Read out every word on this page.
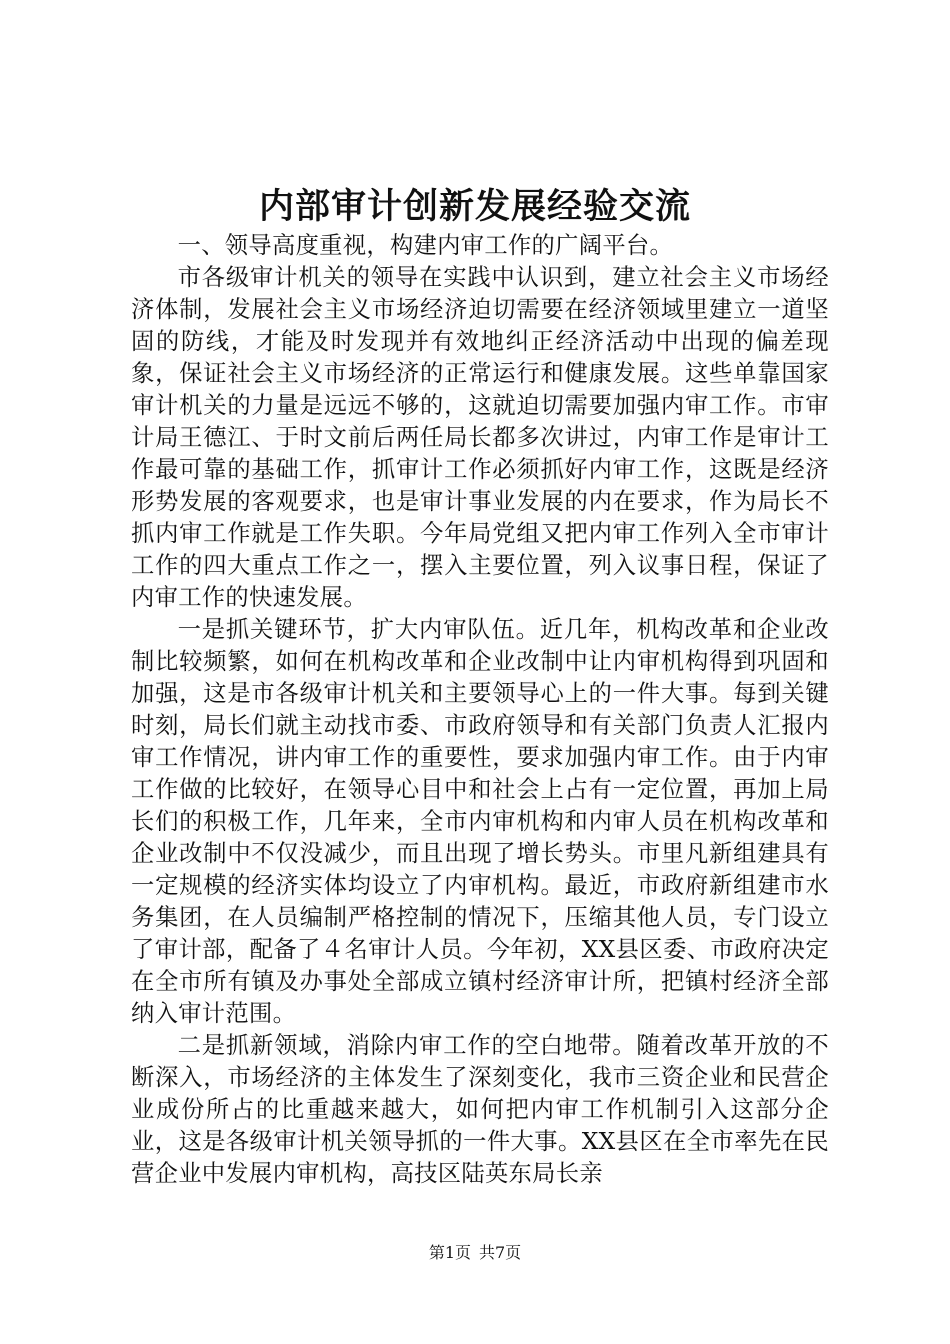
内部审计创新发展经验交流

一、领导高度重视，构建内审工作的广阔平台。

市各级审计机关的领导在实践中认识到，建立社会主义市场经济体制，发展社会主义市场经济迫切需要在经济领域里建立一道坚固的防线，才能及时发现并有效地纠正经济活动中出现的偏差现象，保证社会主义市场经济的正常运行和健康发展。这些单靠国家审计机关的力量是远远不够的，这就迫切需要加强内审工作。市审计局王德江、于时文前后两任局长都多次讲过，内审工作是审计工作最可靠的基础工作，抓审计工作必须抓好内审工作，这既是经济形势发展的客观要求，也是审计事业发展的内在要求，作为局长不抓内审工作就是工作失职。今年局党组又把内审工作列入全市审计工作的四大重点工作之一，摆入主要位置，列入议事日程，保证了内审工作的快速发展。

一是抓关键环节，扩大内审队伍。近几年，机构改革和企业改制比较频繁，如何在机构改革和企业改制中让内审机构得到巩固和加强，这是市各级审计机关和主要领导心上的一件大事。每到关键时刻，局长们就主动找市委、市政府领导和有关部门负责人汇报内审工作情况，讲内审工作的重要性，要求加强内审工作。由于内审工作做的比较好，在领导心目中和社会上占有一定位置，再加上局长们的积极工作，几年来，全市内审机构和内审人员在机构改革和企业改制中不仅没减少，而且出现了增长势头。市里凡新组建具有一定规模的经济实体均设立了内审机构。最近，市政府新组建市水务集团，在人员编制严格控制的情况下，压缩其他人员，专门设立了审计部，配备了４名审计人员。今年初，XX县区委、市政府决定在全市所有镇及办事处全部成立镇村经济审计所，把镇村经济全部纳入审计范围。

二是抓新领域，消除内审工作的空白地带。随着改革开放的不断深入，市场经济的主体发生了深刻变化，我市三资企业和民营企业成份所占的比重越来越大，如何把内审工作机制引入这部分企业，这是各级审计机关领导抓的一件大事。XX县区在全市率先在民营企业中发展内审机构，高技区陆英东局长亲

第1页 共7页
